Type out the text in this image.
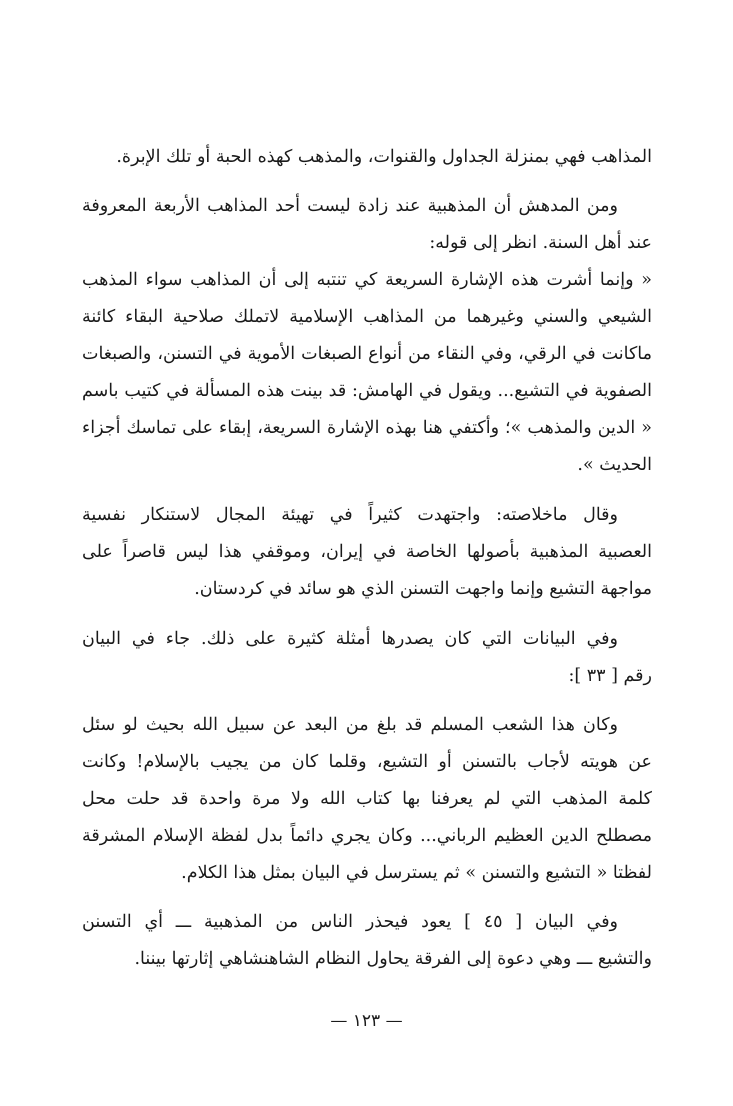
المذاهب فهي بمنزلة الجداول والقنوات، والمذهب كهذه الحبة أو تلك الإبرة.
ومن المدهش أن المذهبية عند زادة ليست أحد المذاهب الأربعة المعروفة
عند أهل السنة. انظر إلى قوله:
« وإنما أشرت هذه الإشارة السريعة كي تنتبه إلى أن المذاهب سواء المذهب
الشيعي والسني وغيرهما من المذاهب الإسلامية لاتملك صلاحية البقاء كائنة
ماكانت في الرقي، وفي النقاء من أنواع الصبغات الأموية في التسنن، والصبغات
الصفوية في التشيع... ويقول في الهامش: قد بينت هذه المسألة في كتيب باسم
« الدين والمذهب »؛ وأكتفي هنا بهذه الإشارة السريعة، إبقاء على تماسك أجزاء
الحديث ».
وقال ماخلاصته: واجتهدت كثيراً في تهيئة المجال لاستنكار نفسية
العصبية المذهبية بأصولها الخاصة في إيران، وموقفي هذا ليس قاصراً على
مواجهة التشيع وإنما واجهت التسنن الذي هو سائد في كردستان.
وفي البيانات التي كان يصدرها أمثلة كثيرة على ذلك. جاء في البيان
رقم [ ٣٣ ]:
وكان هذا الشعب المسلم قد بلغ من البعد عن سبيل الله بحيث لو سئل
عن هويته لأجاب بالتسنن أو التشيع، وقلما كان من يجيب بالإسلام! وكانت
كلمة المذهب التي لم يعرفنا بها كتاب الله ولا مرة واحدة قد حلت محل
مصطلح الدين العظيم الرباني... وكان يجري دائماً بدل لفظة الإسلام المشرقة
لفظتا « التشيع والتسنن » ثم يسترسل في البيان بمثل هذا الكلام.
وفي البيان [ ٤٥ ] يعود فيحذر الناس من المذهبية ـــ أي التسنن
والتشيع ـــ وهي دعوة إلى الفرقة يحاول النظام الشاهنشاهي إثارتها بيننا.
— ١٢٣ —
